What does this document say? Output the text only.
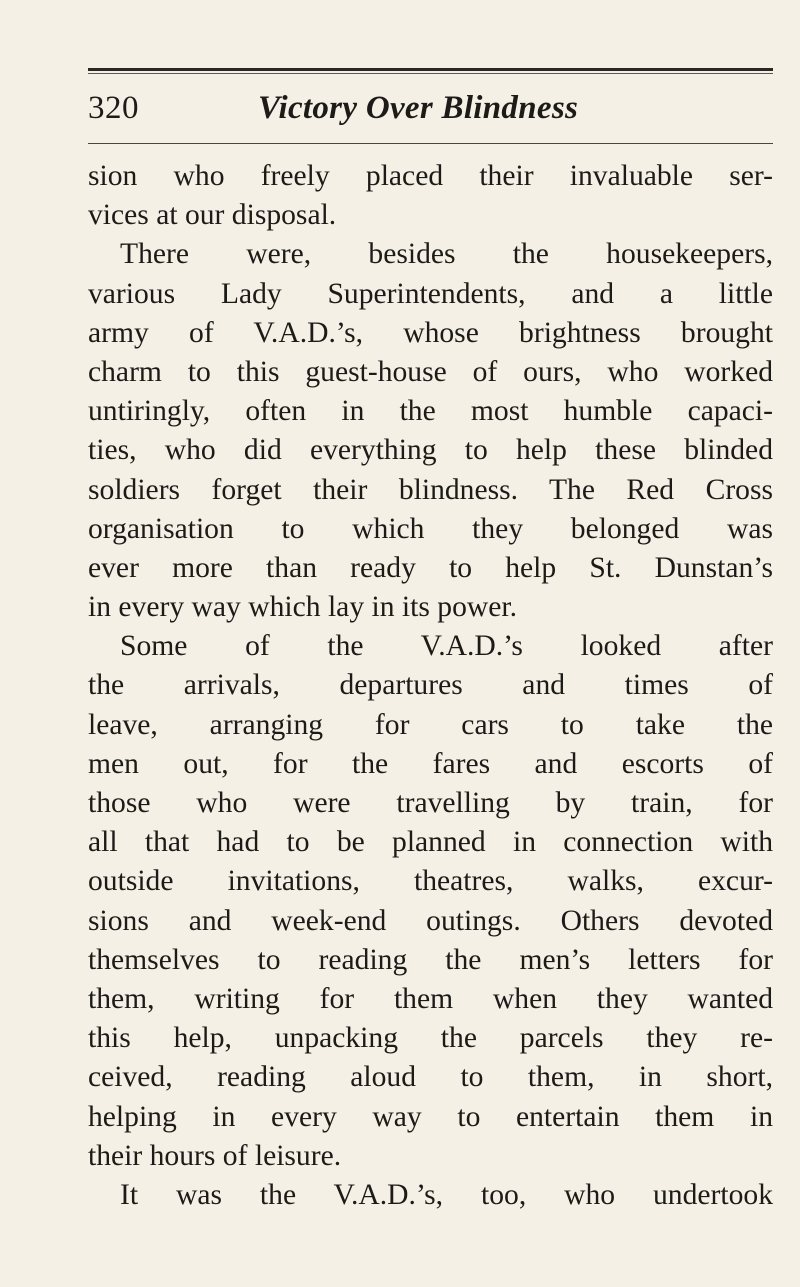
320	Victory Over Blindness
sion who freely placed their invaluable ser-
vices at our disposal.
There were, besides the housekeepers,
various Lady Superintendents, and a little
army of V.A.D.’s, whose brightness brought
charm to this guest-house of ours, who worked
untiringly, often in the most humble capaci-
ties, who did everything to help these blinded
soldiers forget their blindness. The Red Cross
organisation to which they belonged was
ever more than ready to help St. Dunstan’s
in every way which lay in its power.
Some of the V.A.D.’s looked after
the arrivals, departures and times of
leave, arranging for cars to take the
men out, for the fares and escorts of
those who were travelling by train, for
all that had to be planned in connection with
outside invitations, theatres, walks, excur-
sions and week-end outings. Others devoted
themselves to reading the men’s letters for
them, writing for them when they wanted
this help, unpacking the parcels they re-
ceived, reading aloud to them, in short,
helping in every way to entertain them in
their hours of leisure.
It was the V.A.D.’s, too, who undertook
